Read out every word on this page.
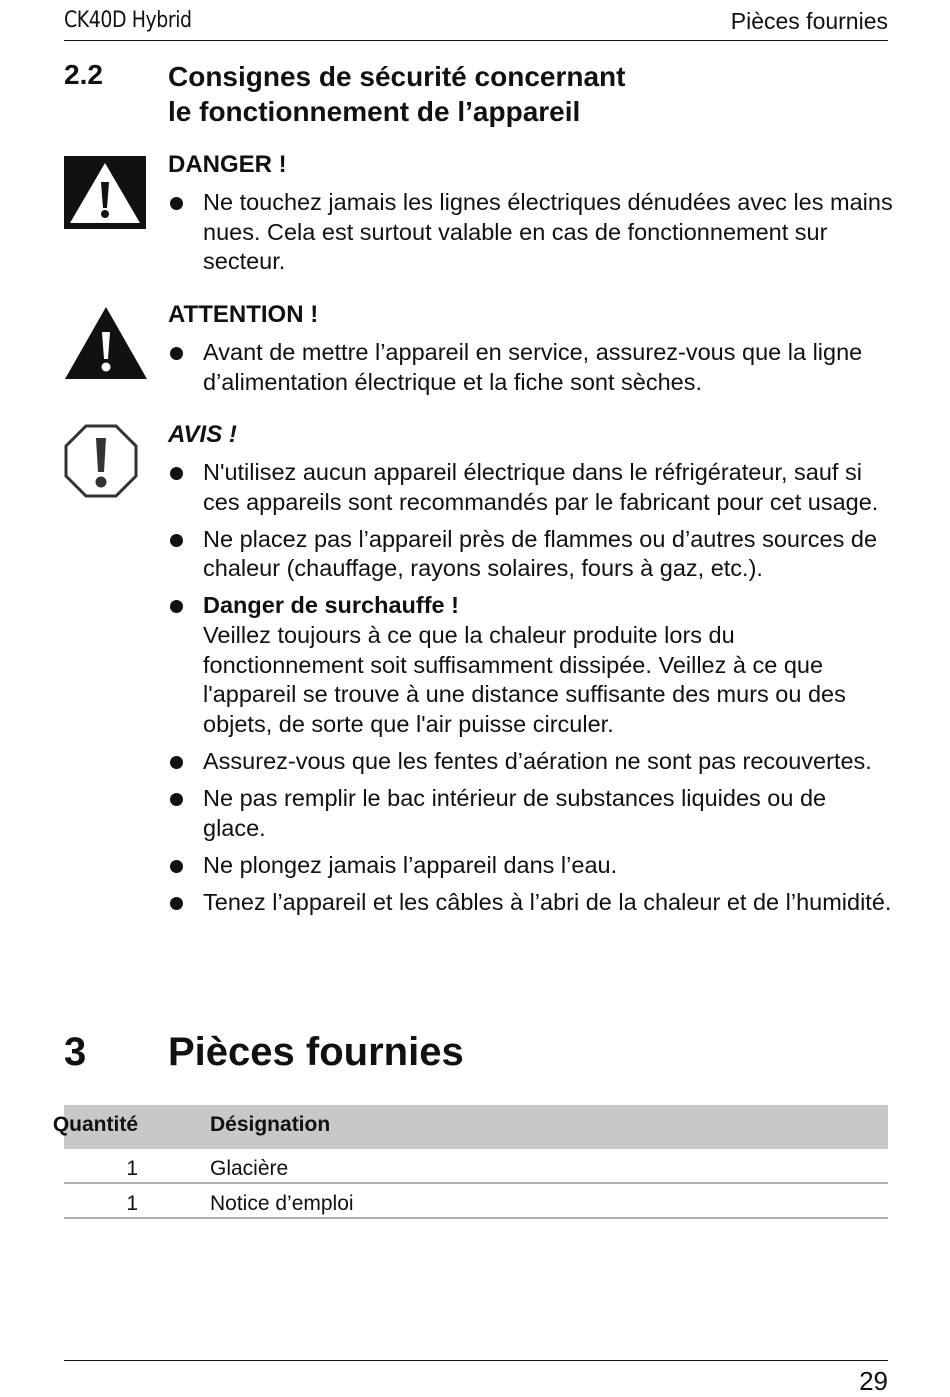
CK40D Hybrid	Pièces fournies
2.2 Consignes de sécurité concernant
le fonctionnement de l’appareil
DANGER !
Ne touchez jamais les lignes électriques dénudées avec les mains nues. Cela est surtout valable en cas de fonctionnement sur secteur.
ATTENTION !
Avant de mettre l’appareil en service, assurez-vous que la ligne d’alimentation électrique et la fiche sont sèches.
AVIS !
N'utilisez aucun appareil électrique dans le réfrigérateur, sauf si ces appareils sont recommandés par le fabricant pour cet usage.
Ne placez pas l’appareil près de flammes ou d’autres sources de chaleur (chauffage, rayons solaires, fours à gaz, etc.).
Danger de surchauffe !
Veillez toujours à ce que la chaleur produite lors du fonctionnement soit suffisamment dissipée. Veillez à ce que l'appareil se trouve à une distance suffisante des murs ou des objets, de sorte que l'air puisse circuler.
Assurez-vous que les fentes d’aération ne sont pas recouvertes.
Ne pas remplir le bac intérieur de substances liquides ou de glace.
Ne plongez jamais l’appareil dans l’eau.
Tenez l’appareil et les câbles à l’abri de la chaleur et de l’humidité.
3 Pièces fournies
Quantité	Désignation
1	Glacière
1	Notice d’emploi
29
